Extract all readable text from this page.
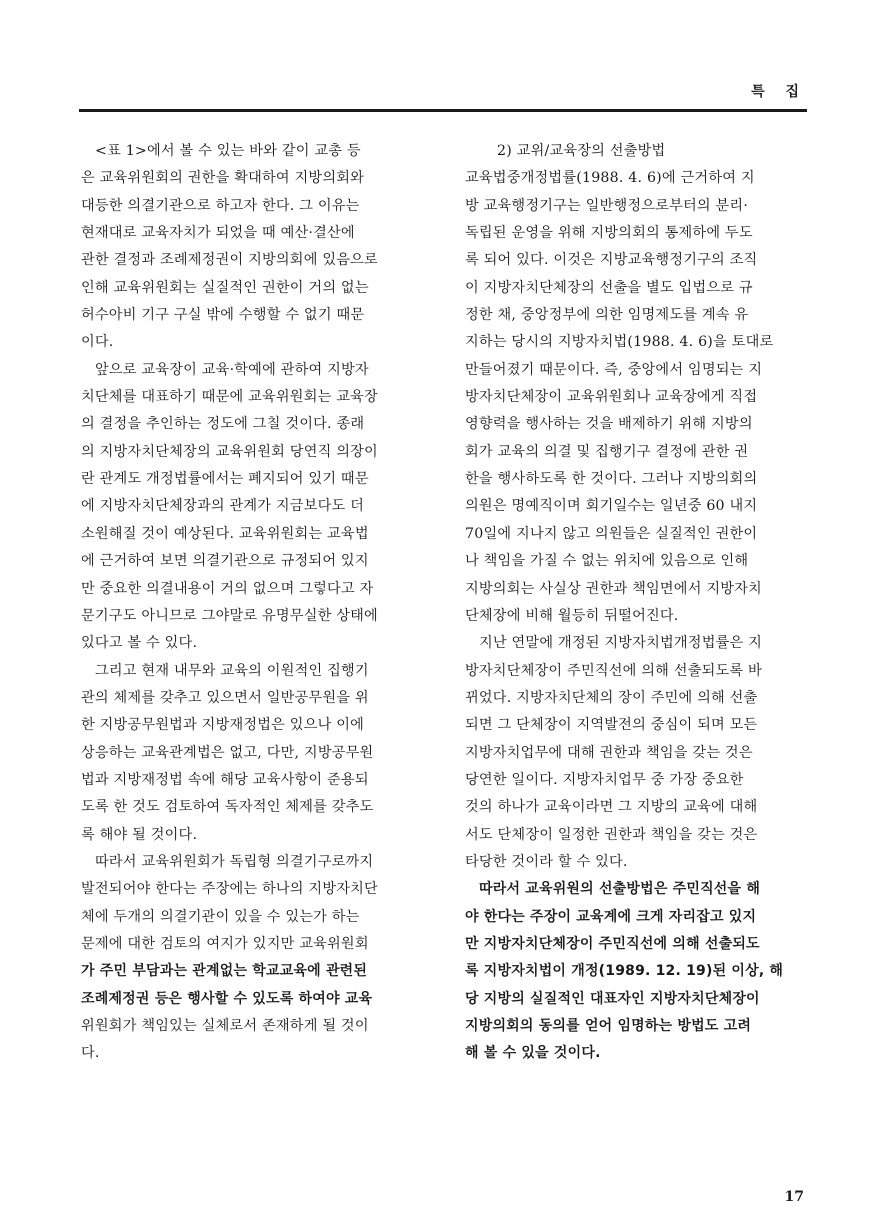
특 집
<표 1>에서 볼 수 있는 바와 같이 교총 등
은 교육위원회의 권한을 확대하여 지방의회와
대등한 의결기관으로 하고자 한다. 그 이유는
현재대로 교육자치가 되었을 때 예산·결산에
관한 결정과 조례제정권이 지방의회에 있음으로
인해 교육위원회는 실질적인 권한이 거의 없는
허수아비 기구 구실 밖에 수행할 수 없기 때문
이다.
앞으로 교육장이 교육·학예에 관하여 지방자
치단체를 대표하기 때문에 교육위원회는 교육장
의 결정을 추인하는 정도에 그칠 것이다. 종래
의 지방자치단체장의 교육위원회 당연직 의장이
란 관계도 개정법률에서는 폐지되어 있기 때문
에 지방자치단체장과의 관계가 지금보다도 더
소원해질 것이 예상된다. 교육위원회는 교육법
에 근거하여 보면 의결기관으로 규정되어 있지
만 중요한 의결내용이 거의 없으며 그렇다고 자
문기구도 아니므로 그야말로 유명무실한 상태에
있다고 볼 수 있다.
그리고 현재 내무와 교육의 이원적인 집행기
관의 체제를 갖추고 있으면서 일반공무원을 위
한 지방공무원법과 지방재정법은 있으나 이에
상응하는 교육관계법은 없고, 다만, 지방공무원
법과 지방재정법 속에 해당 교육사항이 준용되
도록 한 것도 검토하여 독자적인 체제를 갖추도
록 해야 될 것이다.
따라서 교육위원회가 독립형 의결기구로까지
발전되어야 한다는 주장에는 하나의 지방자치단
체에 두개의 의결기관이 있을 수 있는가 하는
문제에 대한 검토의 여지가 있지만 교육위원회
가 주민 부담과는 관계없는 학교교육에 관련된
조례제정권 등은 행사할 수 있도록 하여야 교육
위원회가 책임있는 실체로서 존재하게 될 것이
다.
2) 교위/교육장의 선출방법
교육법중개정법률(1988. 4. 6)에 근거하여 지
방 교육행정기구는 일반행정으로부터의 분리·
독립된 운영을 위해 지방의회의 통제하에 두도
록 되어 있다. 이것은 지방교육행정기구의 조직
이 지방자치단체장의 선출을 별도 입법으로 규
정한 채, 중앙정부에 의한 임명제도를 계속 유
지하는 당시의 지방자치법(1988. 4. 6)을 토대로
만들어졌기 때문이다. 즉, 중앙에서 임명되는 지
방자치단체장이 교육위원회나 교육장에게 직접
영향력을 행사하는 것을 배제하기 위해 지방의
회가 교육의 의결 및 집행기구 결정에 관한 권
한을 행사하도록 한 것이다. 그러나 지방의회의
의원은 명예직이며 회기일수는 일년중 60 내지
70일에 지나지 않고 의원들은 실질적인 권한이
나 책임을 가질 수 없는 위치에 있음으로 인해
지방의회는 사실상 권한과 책임면에서 지방자치
단체장에 비해 월등히 뒤떨어진다.
지난 연말에 개정된 지방자치법개정법률은 지
방자치단체장이 주민직선에 의해 선출되도록 바
뀌었다. 지방자치단체의 장이 주민에 의해 선출
되면 그 단체장이 지역발전의 중심이 되며 모든
지방자치업무에 대해 권한과 책임을 갖는 것은
당연한 일이다. 지방자치업무 중 가장 중요한
것의 하나가 교육이라면 그 지방의 교육에 대해
서도 단체장이 일정한 권한과 책임을 갖는 것은
타당한 것이라 할 수 있다.
따라서 교육위원의 선출방법은 주민직선을 해
야 한다는 주장이 교육계에 크게 자리잡고 있지
만 지방자치단체장이 주민직선에 의해 선출되도
록 지방자치법이 개정(1989. 12. 19)된 이상, 해
당 지방의 실질적인 대표자인 지방자치단체장이
지방의회의 동의를 얻어 임명하는 방법도 고려
해 볼 수 있을 것이다.
17
